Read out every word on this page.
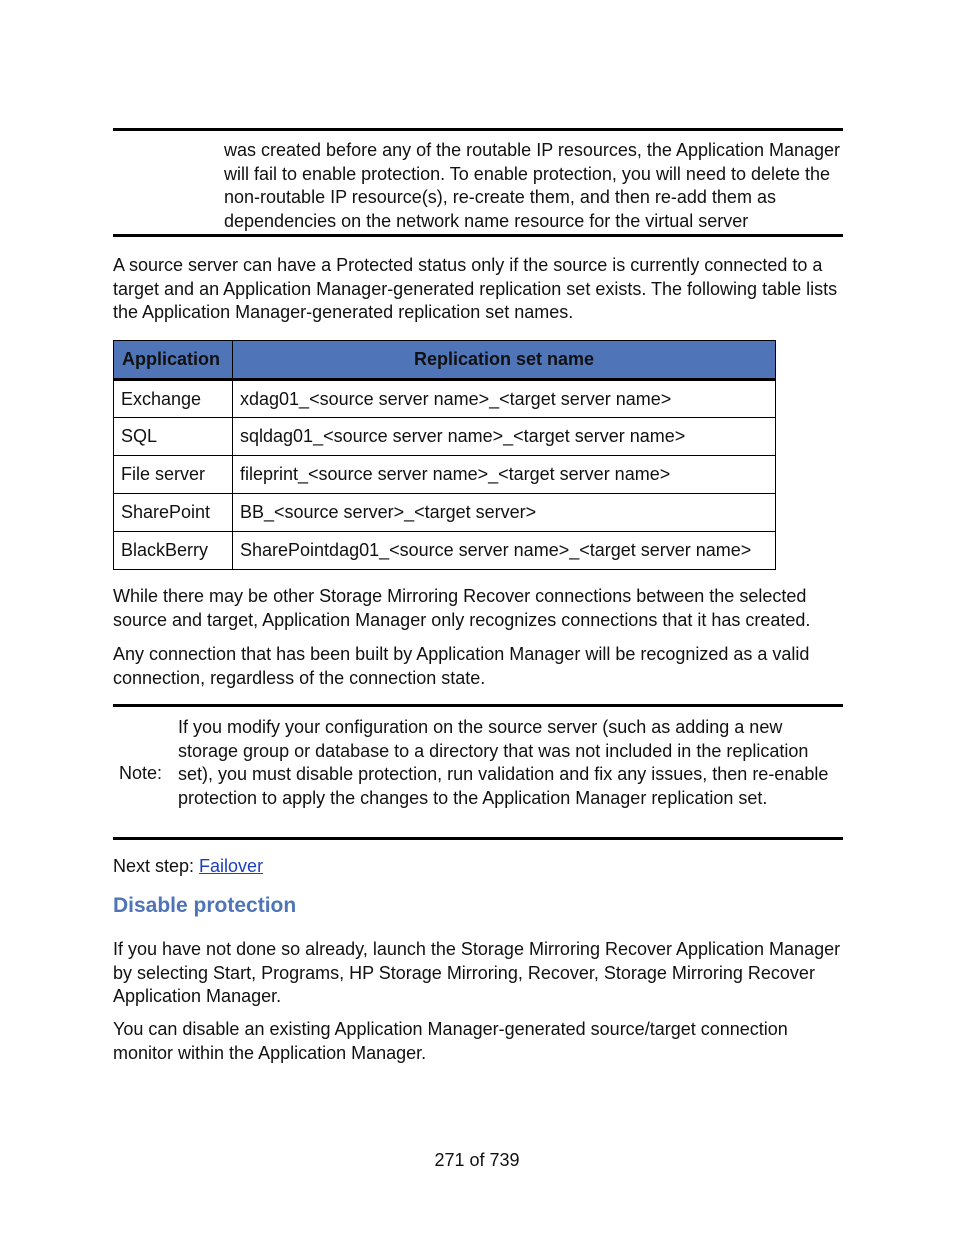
was created before any of the routable IP resources, the Application Manager will fail to enable protection. To enable protection, you will need to delete the non-routable IP resource(s), re-create them, and then re-add them as dependencies on the network name resource for the virtual server
A source server can have a Protected status only if the source is currently connected to a target and an Application Manager-generated replication set exists. The following table lists the Application Manager-generated replication set names.
Application	Replication set name
Exchange	xdag01_<source server name>_<target server name>
SQL	sqldag01_<source server name>_<target server name>
File server	fileprint_<source server name>_<target server name>
SharePoint	BB_<source server>_<target server>
BlackBerry	SharePointdag01_<source server name>_<target server name>
While there may be other Storage Mirroring Recover connections between the selected source and target, Application Manager only recognizes connections that it has created.
Any connection that has been built by Application Manager will be recognized as a valid connection, regardless of the connection state.
Note:
If you modify your configuration on the source server (such as adding a new storage group or database to a directory that was not included in the replication set), you must disable protection, run validation and fix any issues, then re-enable protection to apply the changes to the Application Manager replication set.
Next step: Failover
Disable protection
If you have not done so already, launch the Storage Mirroring Recover Application Manager by selecting Start, Programs, HP Storage Mirroring, Recover, Storage Mirroring Recover Application Manager.
You can disable an existing Application Manager-generated source/target connection monitor within the Application Manager.
271 of 739
